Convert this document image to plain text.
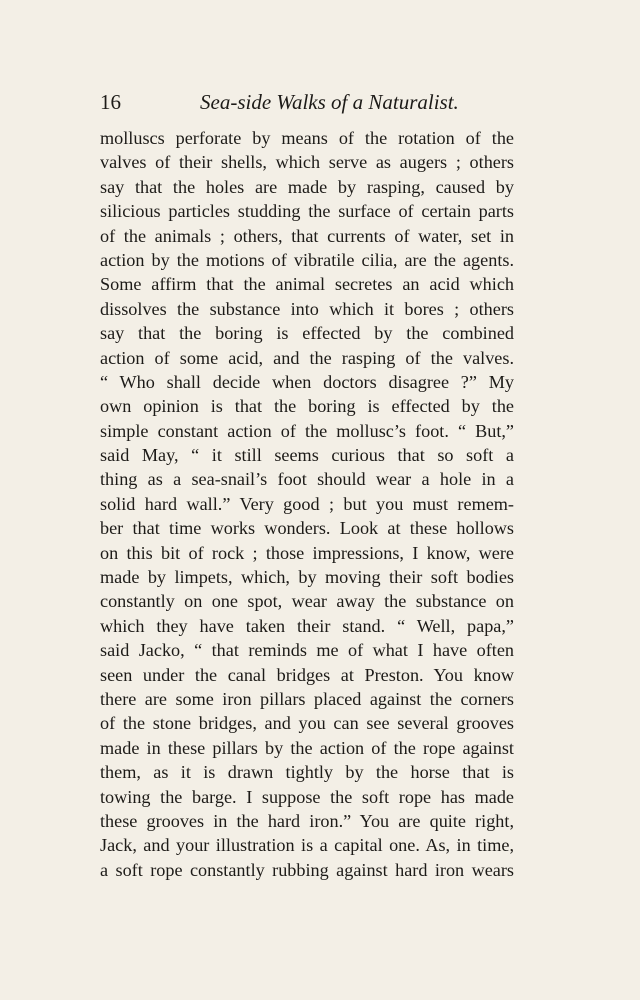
16	Sea-side Walks of a Naturalist.
molluscs perforate by means of the rotation of the
valves of their shells, which serve as augers ; others
say that the holes are made by rasping, caused by
silicious particles studding the surface of certain parts
of the animals ; others, that currents of water, set in
action by the motions of vibratile cilia, are the agents.
Some affirm that the animal secretes an acid which
dissolves the substance into which it bores ; others
say that the boring is effected by the combined
action of some acid, and the rasping of the valves.
“ Who shall decide when doctors disagree ?” My
own opinion is that the boring is effected by the
simple constant action of the mollusc’s foot. “ But,”
said May, “ it still seems curious that so soft a
thing as a sea-snail’s foot should wear a hole in a
solid hard wall.” Very good ; but you must remem-
ber that time works wonders. Look at these hollows
on this bit of rock ; those impressions, I know, were
made by limpets, which, by moving their soft bodies
constantly on one spot, wear away the substance on
which they have taken their stand. “ Well, papa,”
said Jacko, “ that reminds me of what I have often
seen under the canal bridges at Preston. You know
there are some iron pillars placed against the corners
of the stone bridges, and you can see several grooves
made in these pillars by the action of the rope against
them, as it is drawn tightly by the horse that is
towing the barge. I suppose the soft rope has made
these grooves in the hard iron.” You are quite right,
Jack, and your illustration is a capital one. As, in time,
a soft rope constantly rubbing against hard iron wears
